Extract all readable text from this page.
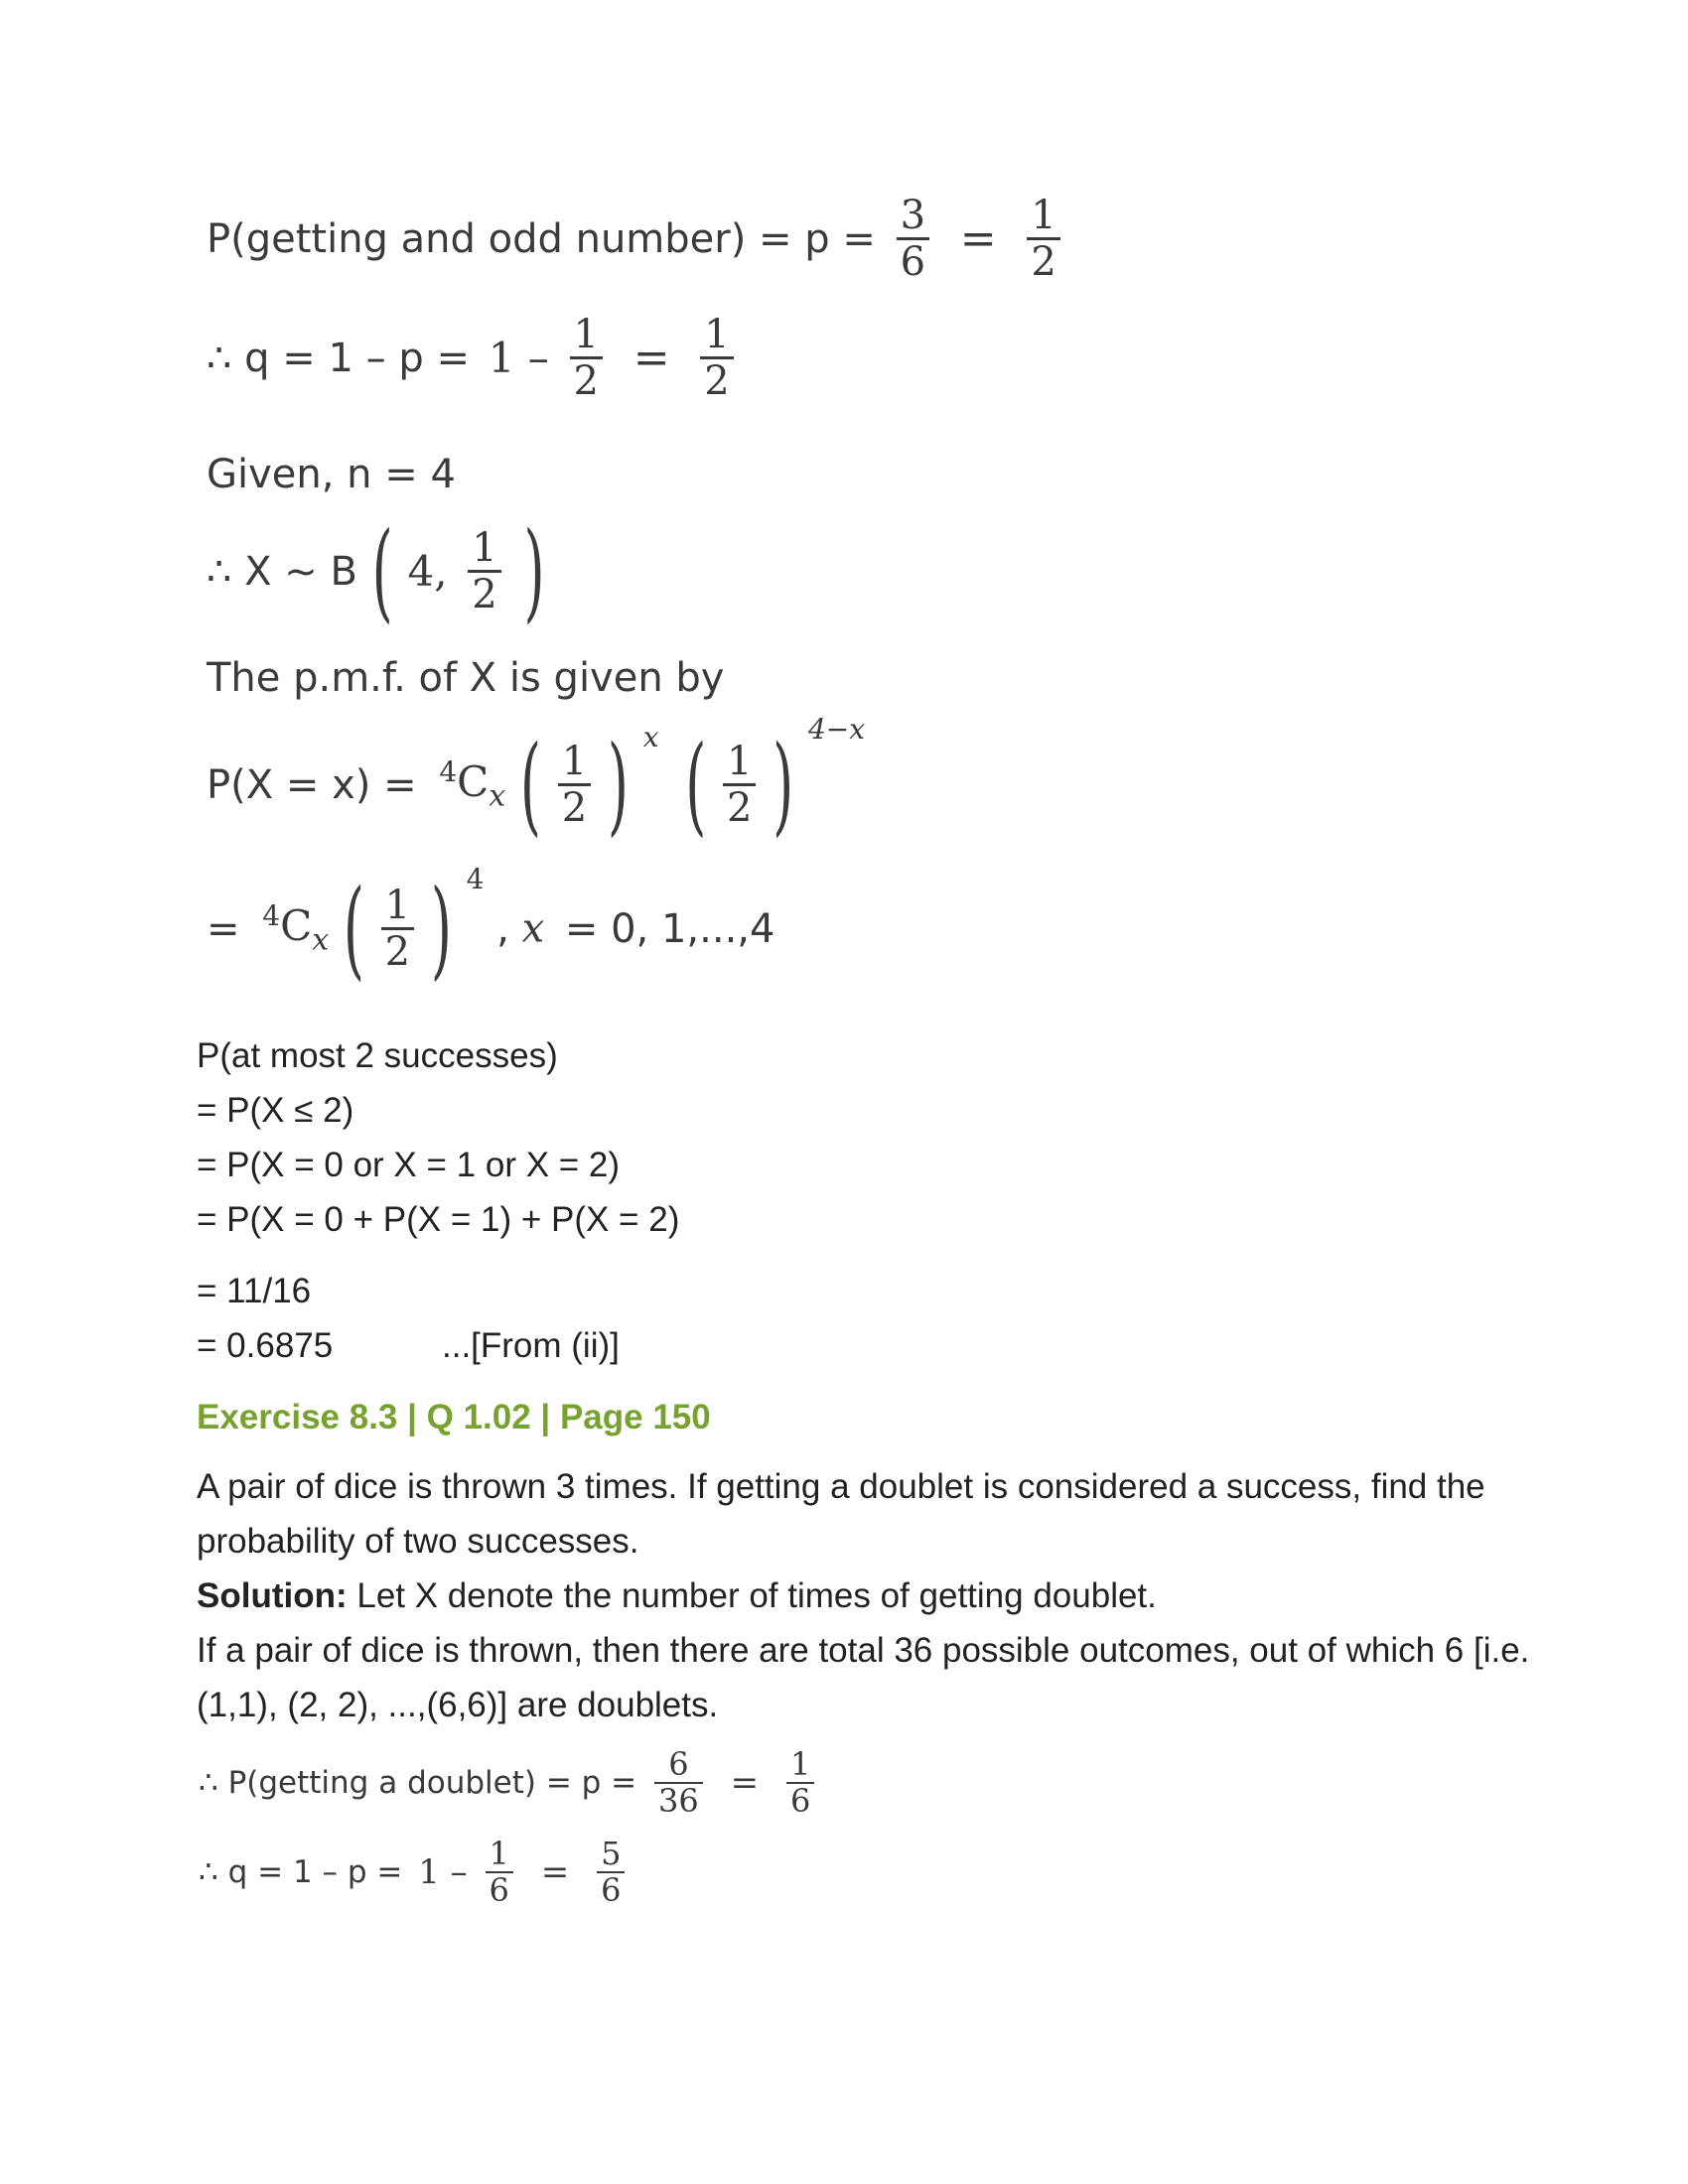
P(getting and odd number) = $p = \frac{3}{6} = \frac{1}{2}$
∴ $q = 1 - p = 1 - \frac{1}{2} = \frac{1}{2}$
Given, n = 4
∴ X ~ B ( 4, $\frac{1}{2}$ )
The p.m.f. of X is given by
$P(X = x) = ^4C_x$ ( $\frac{1}{2}$ ) $^x$ ( $\frac{1}{2}$ ) $^{4-x}$
= $^4C_x$ ( $\frac{1}{2}$ ) 4 , x = 0, 1,...,4
P(at most 2 successes)
= P(X ≤ 2)
= P(X = 0 or X = 1 or X = 2)
= P(X = 0 + P(X = 1) + P(X = 2)
= 11/16
= 0.6875	...[From (ii)]
Exercise 8.3 | Q 1.02 | Page 150
A pair of dice is thrown 3 times. If getting a doublet is considered a success, find the
probability of two successes.
Solution: Let X denote the number of times of getting doublet.
If a pair of dice is thrown, then there are total 36 possible outcomes, out of which 6 [i.e.
(1,1), (2, 2), ...,(6,6)] are doublets.
∴ P(getting a doublet) = $p = \frac{6}{36} = \frac{1}{6}$
∴ $q = 1 - p = 1 - \frac{1}{6} = \frac{5}{6}$
